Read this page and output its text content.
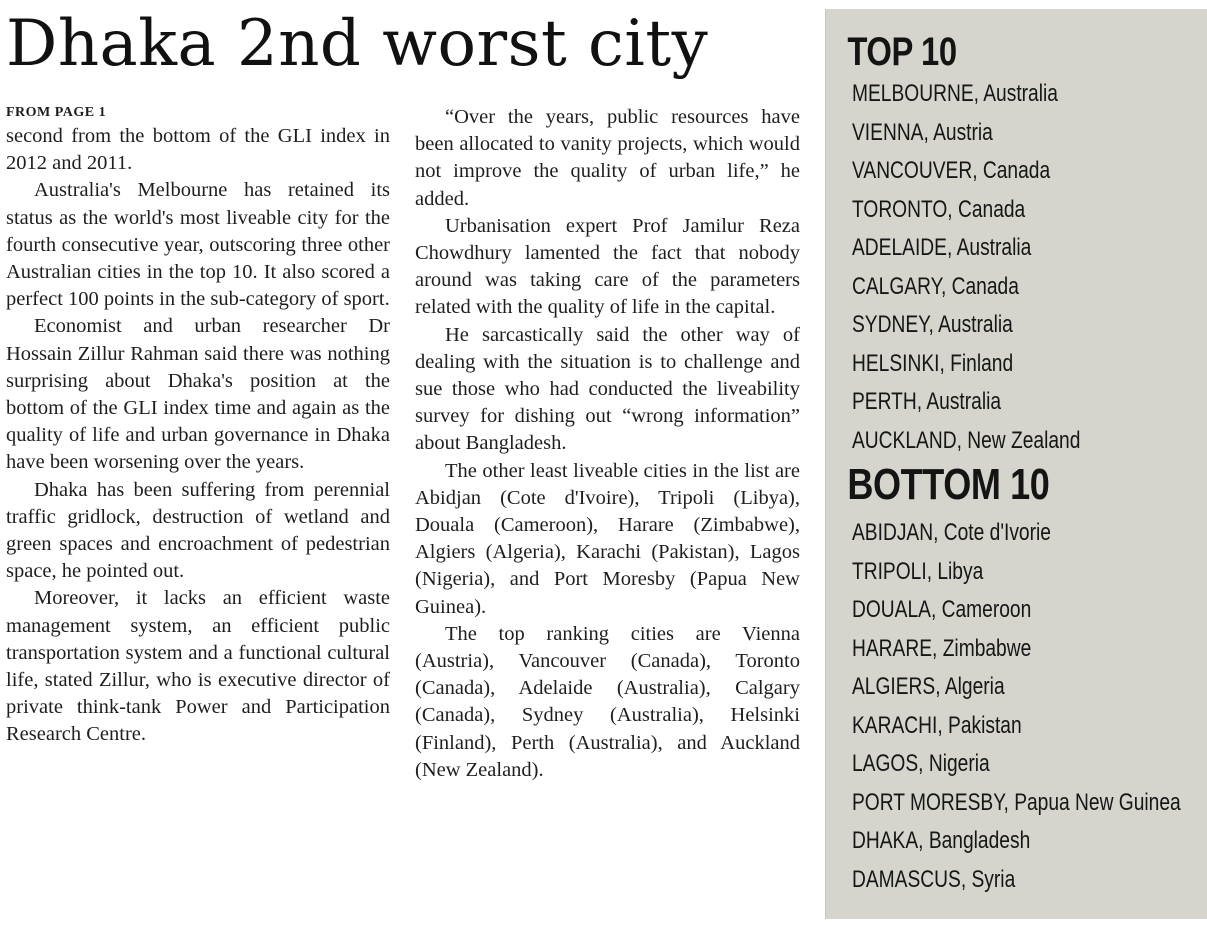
Dhaka 2nd worst city
FROM PAGE 1

second from the bottom of the GLI index in 2012 and 2011.

Australia's Melbourne has retained its status as the world's most liveable city for the fourth consecutive year, outscoring three other Australian cities in the top 10. It also scored a perfect 100 points in the sub-category of sport.

Economist and urban researcher Dr Hossain Zillur Rahman said there was nothing surprising about Dhaka's position at the bottom of the GLI index time and again as the quality of life and urban governance in Dhaka have been worsening over the years.

Dhaka has been suffering from perennial traffic gridlock, destruction of wetland and green spaces and encroachment of pedestrian space, he pointed out.

Moreover, it lacks an efficient waste management system, an efficient public transportation system and a functional cultural life, stated Zillur, who is executive director of private think-tank Power and Participation Research Centre.

“Over the years, public resources have been allocated to vanity projects, which would not improve the quality of urban life,” he added.

Urbanisation expert Prof Jamilur Reza Chowdhury lamented the fact that nobody around was taking care of the parameters related with the quality of life in the capital.

He sarcastically said the other way of dealing with the situation is to challenge and sue those who had conducted the liveability survey for dishing out “wrong information” about Bangladesh.

The other least liveable cities in the list are Abidjan (Cote d'Ivoire), Tripoli (Libya), Douala (Cameroon), Harare (Zimbabwe), Algiers (Algeria), Karachi (Pakistan), Lagos (Nigeria), and Port Moresby (Papua New Guinea).

The top ranking cities are Vienna (Austria), Vancouver (Canada), Toronto (Canada), Adelaide (Australia), Calgary (Canada), Sydney (Australia), Helsinki (Finland), Perth (Australia), and Auckland (New Zealand).

TOP 10
MELBOURNE, Australia
VIENNA, Austria
VANCOUVER, Canada
TORONTO, Canada
ADELAIDE, Australia
CALGARY, Canada
SYDNEY, Australia
HELSINKI, Finland
PERTH, Australia
AUCKLAND, New Zealand
BOTTOM 10
ABIDJAN, Cote d'Ivorie
TRIPOLI, Libya
DOUALA, Cameroon
HARARE, Zimbabwe
ALGIERS, Algeria
KARACHI, Pakistan
LAGOS, Nigeria
PORT MORESBY, Papua New Guinea
DHAKA, Bangladesh
DAMASCUS, Syria
